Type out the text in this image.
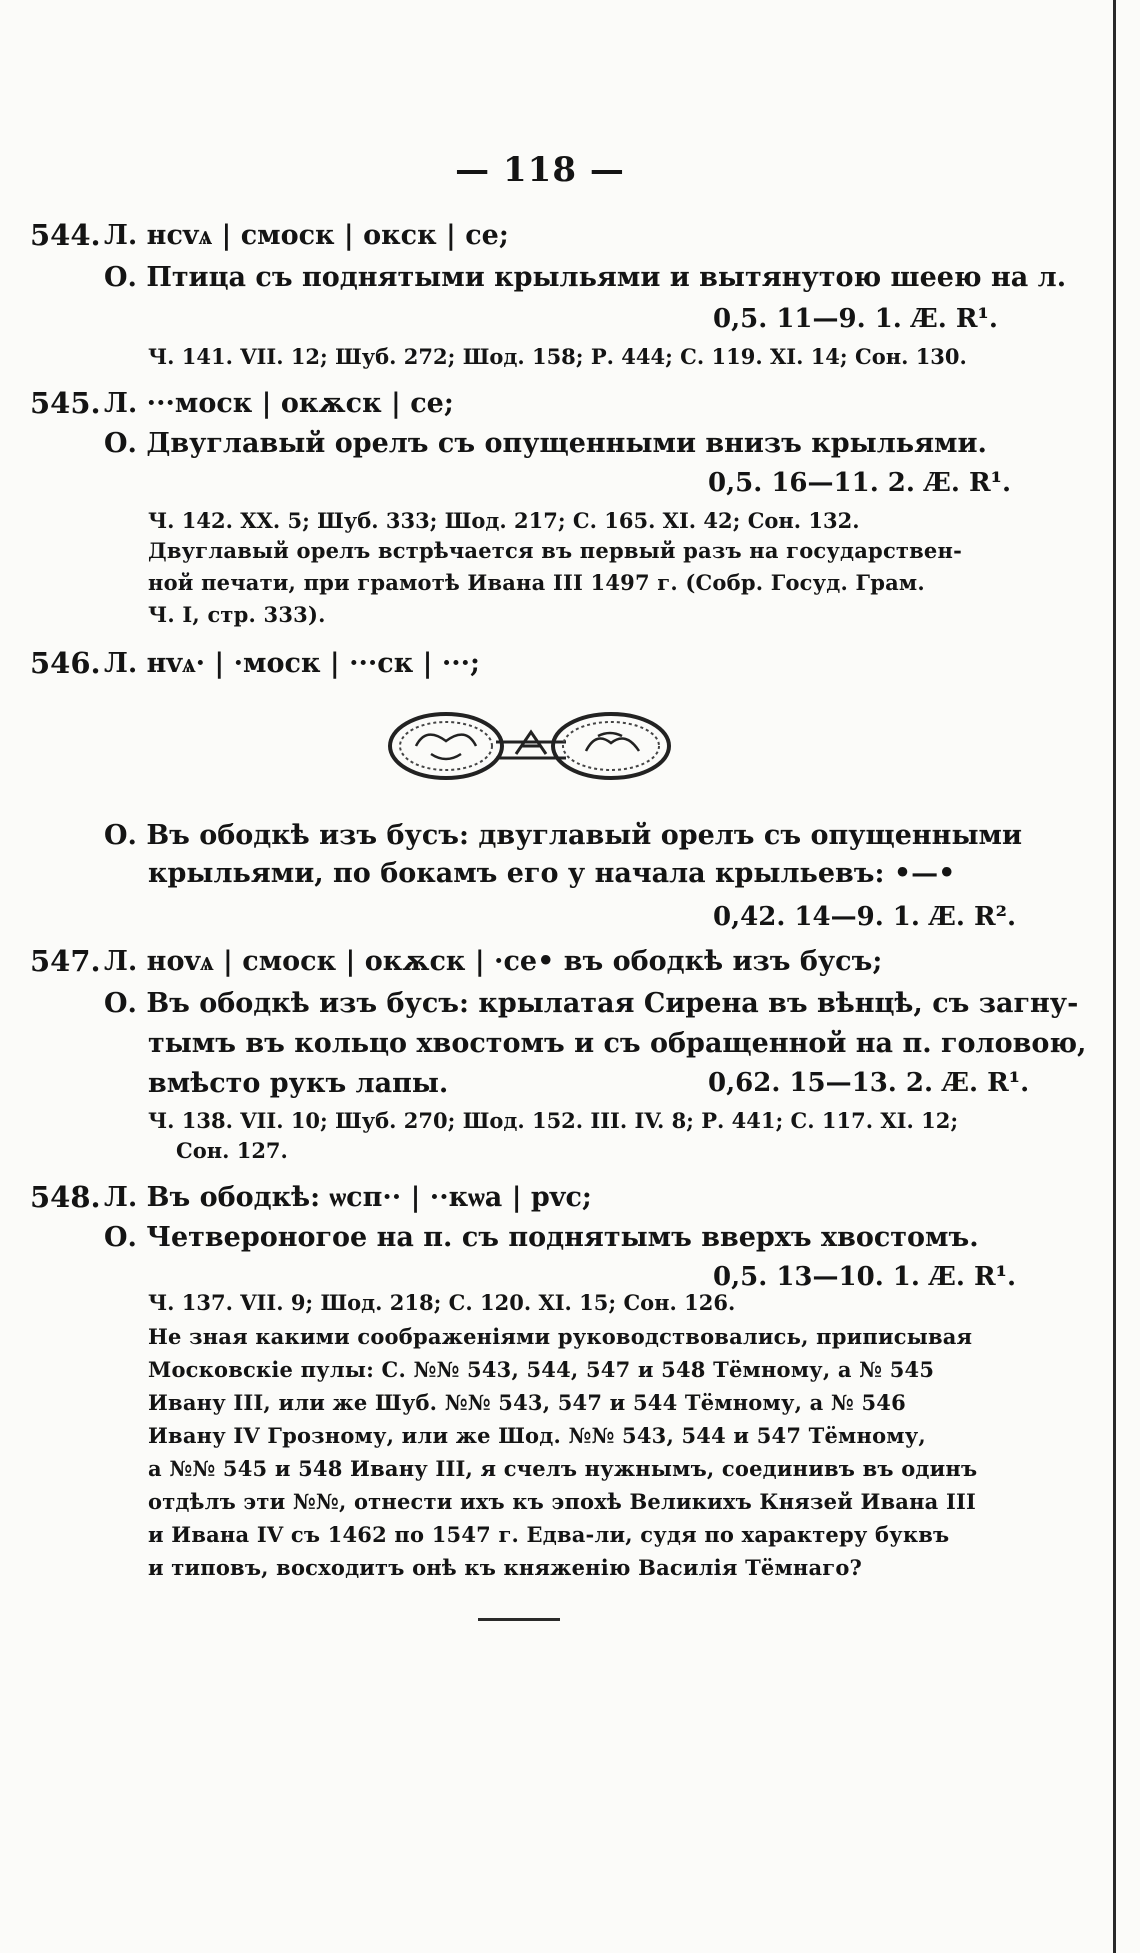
— 118 —
544. Л. нсvѧ | смоск | окск | се;
О. Птица съ поднятыми крыльями и вытянутою шеею на л.
0,5. 11—9. 1. Æ. R¹.
Ч. 141. VII. 12; Шуб. 272; Шод. 158; Р. 444; С. 119. XI. 14; Сон. 130.
545. Л. ···моск | окѫск | се;
О. Двуглавый орелъ съ опущенными внизъ крыльями.
0,5. 16—11. 2. Æ. R¹.
Ч. 142. XX. 5; Шуб. 333; Шод. 217; С. 165. XI. 42; Сон. 132.
Двуглавый орелъ встрѣчается въ первый разъ на государствен-
ной печати, при грамотѣ Ивана III 1497 г. (Собр. Госуд. Грам.
Ч. I, стр. 333).
546. Л. нvѧ· | ·моск | ···ск | ···;
О. Въ ободкѣ изъ бусъ: двуглавый орелъ съ опущенными
крыльями, по бокамъ его у начала крыльевъ: •—•
0,42. 14—9. 1. Æ. R².
547. Л. нovѧ | смоск | окѫск | ·се• въ ободкѣ изъ бусъ;
О. Въ ободкѣ изъ бусъ: крылатая Сирена въ вѣнцѣ, съ загну-
тымъ въ кольцо хвостомъ и съ обращенной на п. головою,
вмѣсто рукъ лапы.	0,62. 15—13. 2. Æ. R¹.
Ч. 138. VII. 10; Шуб. 270; Шод. 152. III. IV. 8; Р. 441; С. 117. XI. 12;
Сон. 127.
548. Л. Въ ободкѣ: ѡсп·· | ··кѡа | рvс;
О. Четвероногое на п. съ поднятымъ вверхъ хвостомъ.
0,5. 13—10. 1. Æ. R¹.
Ч. 137. VII. 9; Шод. 218; С. 120. XI. 15; Сон. 126.
Не зная какими соображеніями руководствовались, приписывая
Московскіе пулы: С. №№ 543, 544, 547 и 548 Тёмному, а № 545
Ивану III, или же Шуб. №№ 543, 547 и 544 Тёмному, а № 546
Ивану IV Грозному, или же Шод. №№ 543, 544 и 547 Тёмному,
а №№ 545 и 548 Ивану III, я счелъ нужнымъ, соединивъ въ одинъ
отдѣлъ эти №№, отнести ихъ къ эпохѣ Великихъ Князей Ивана III
и Ивана IV съ 1462 по 1547 г. Едва-ли, судя по характеру буквъ
и типовъ, восходитъ онѣ къ княженію Василія Тёмнаго?
